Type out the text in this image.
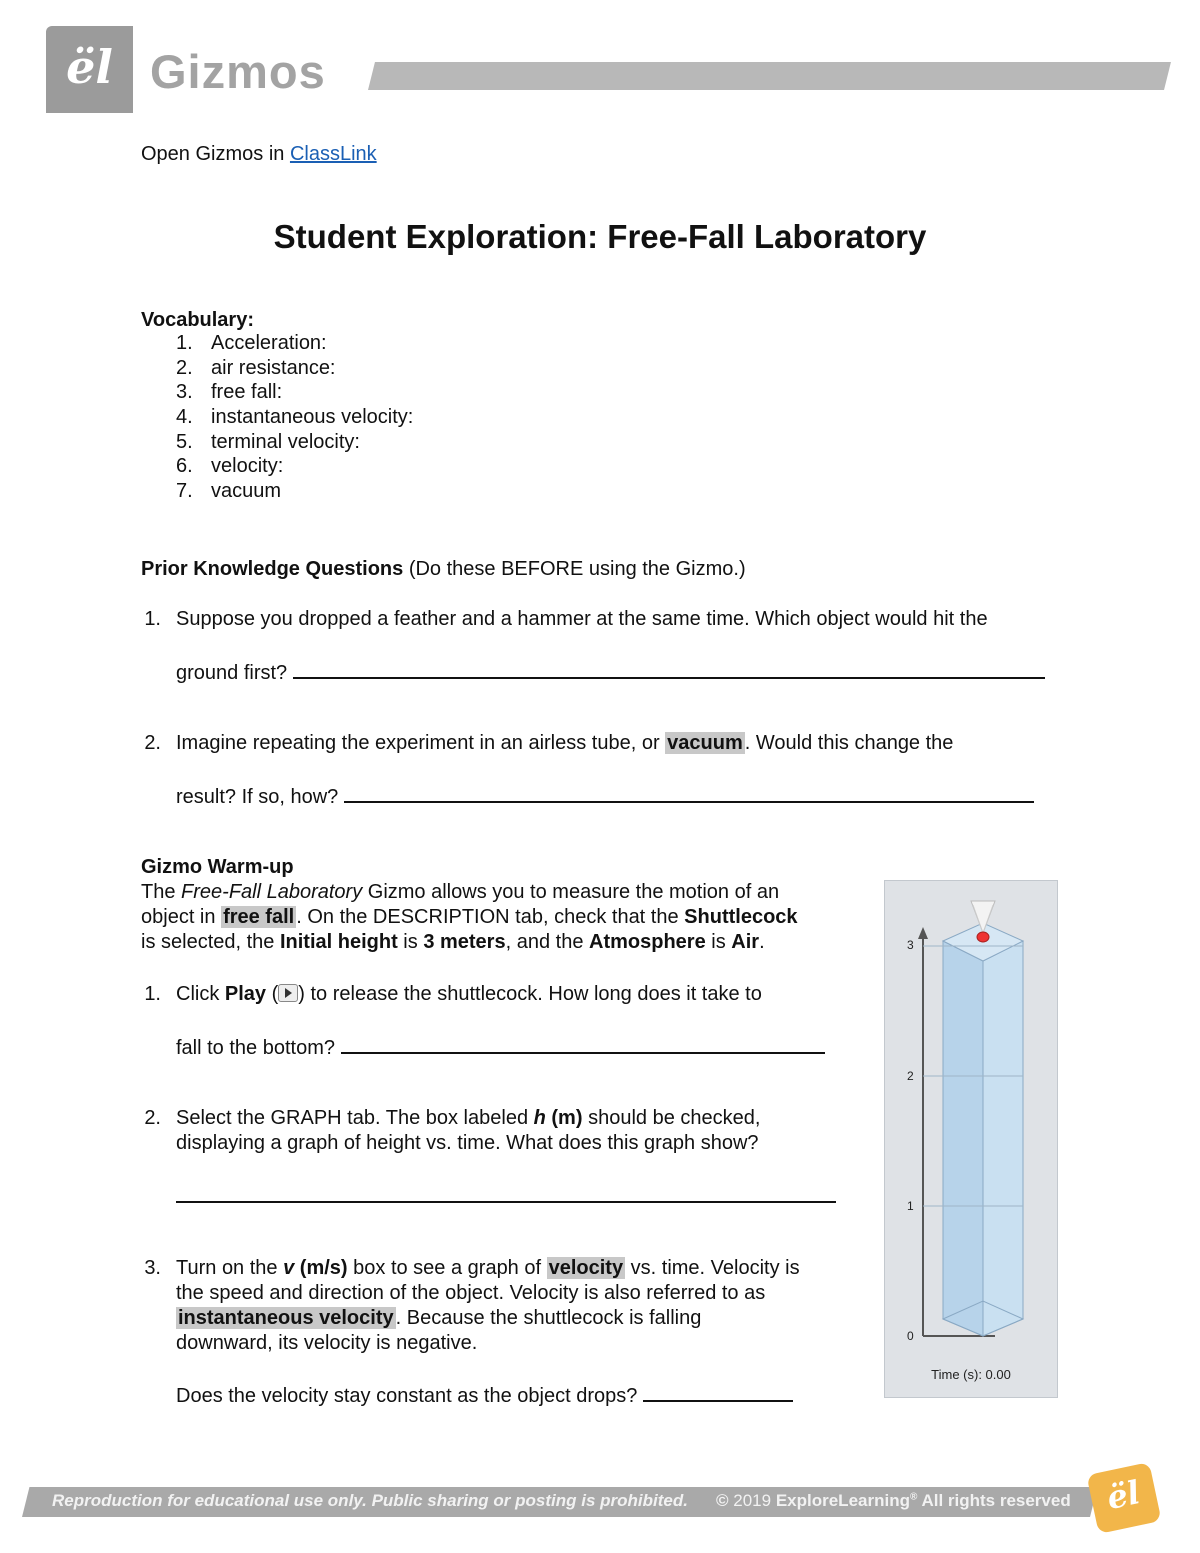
ël Gizmos
Open Gizmos in ClassLink
Student Exploration: Free-Fall Laboratory
Vocabulary:
1. Acceleration:
2. air resistance:
3. free fall:
4. instantaneous velocity:
5. terminal velocity:
6. velocity:
7. vacuum
Prior Knowledge Questions (Do these BEFORE using the Gizmo.)
1. Suppose you dropped a feather and a hammer at the same time. Which object would hit the
ground first?
2. Imagine repeating the experiment in an airless tube, or vacuum . Would this change the
result? If so, how?
Gizmo Warm-up
The Free-Fall Laboratory Gizmo allows you to measure the motion of an
object in free fall . On the DESCRIPTION tab, check that the Shuttlecock
is selected, the Initial height is 3 meters, and the Atmosphere is Air.
1. Click Play ( ) to release the shuttlecock. How long does it take to
fall to the bottom?
2. Select the GRAPH tab. The box labeled h (m) should be checked,
displaying a graph of height vs. time. What does this graph show?
3. Turn on the v (m/s) box to see a graph of velocity vs. time. Velocity is
the speed and direction of the object. Velocity is also referred to as
instantaneous velocity . Because the shuttlecock is falling
downward, its velocity is negative.
Does the velocity stay constant as the object drops?
3
2
1
0
Time (s): 0.00
Reproduction for educational use only. Public sharing or posting is prohibited. © 2019 ExploreLearning® All rights reserved	ël
